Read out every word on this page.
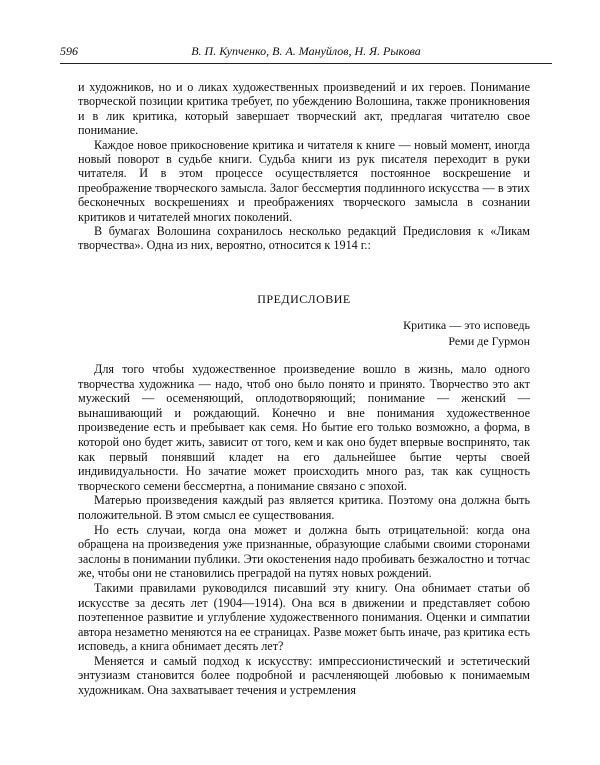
596	В. П. Купченко, В. А. Мануйлов, Н. Я. Рыкова

и художников, но и о ликах художественных произведений и их героев. Понимание творческой позиции критика требует, по убеждению Волошина, также проникновения и в лик критика, который завершает творческий акт, предлагая читателю свое понимание.

Каждое новое прикосновение критика и читателя к книге — новый момент, иногда новый поворот в судьбе книги. Судьба книги из рук писателя переходит в руки читателя. И в этом процессе осуществляется постоянное воскрешение и преображение творческого замысла. Залог бессмертия подлинного искусства — в этих бесконечных воскрешениях и преображениях творческого замысла в сознании критиков и читателей многих поколений.

В бумагах Волошина сохранилось несколько редакций Предисловия к «Ликам творчества». Одна из них, вероятно, относится к 1914 г.:

ПРЕДИСЛОВИЕ
Критика — это исповедь
Реми де Гурмон

Для того чтобы художественное произведение вошло в жизнь, мало одного творчества художника — надо, чтоб оно было понято и принято. Творчество это акт мужеский — осеменяющий, оплодотворяющий; понимание — женский — вынашивающий и рождающий. Конечно и вне понимания художественное произведение есть и пребывает как семя. Но бытие его только возможно, а форма, в которой оно будет жить, зависит от того, кем и как оно будет впервые воспринято, так как первый понявший кладет на его дальнейшее бытие черты своей индивидуальности. Но зачатие может происходить много раз, так как сущность творческого семени бессмертна, а понимание связано с эпохой.

Матерью произведения каждый раз является критика. Поэтому она должна быть положительной. В этом смысл ее существования.

Но есть случаи, когда она может и должна быть отрицательной: когда она обращена на произведения уже признанные, образующие слабыми своими сторонами заслоны в понимании публики. Эти окостенения надо пробивать безжалостно и тотчас же, чтобы они не становились преградой на путях новых рождений.

Такими правилами руководился писавший эту книгу. Она обнимает статьи об искусстве за десять лет (1904—1914). Она вся в движении и представляет собою поэтепенное развитие и углубление художественного понимания. Оценки и симпатии автора незаметно меняются на ее страницах. Разве может быть иначе, раз критика есть исповедь, а книга обнимает десять лет?

Меняется и самый подход к искусству: импрессионистический и эстетический энтузиазм становится более подробной и расчленяющей любовью к понимаемым художникам. Она захватывает течения и устремления
